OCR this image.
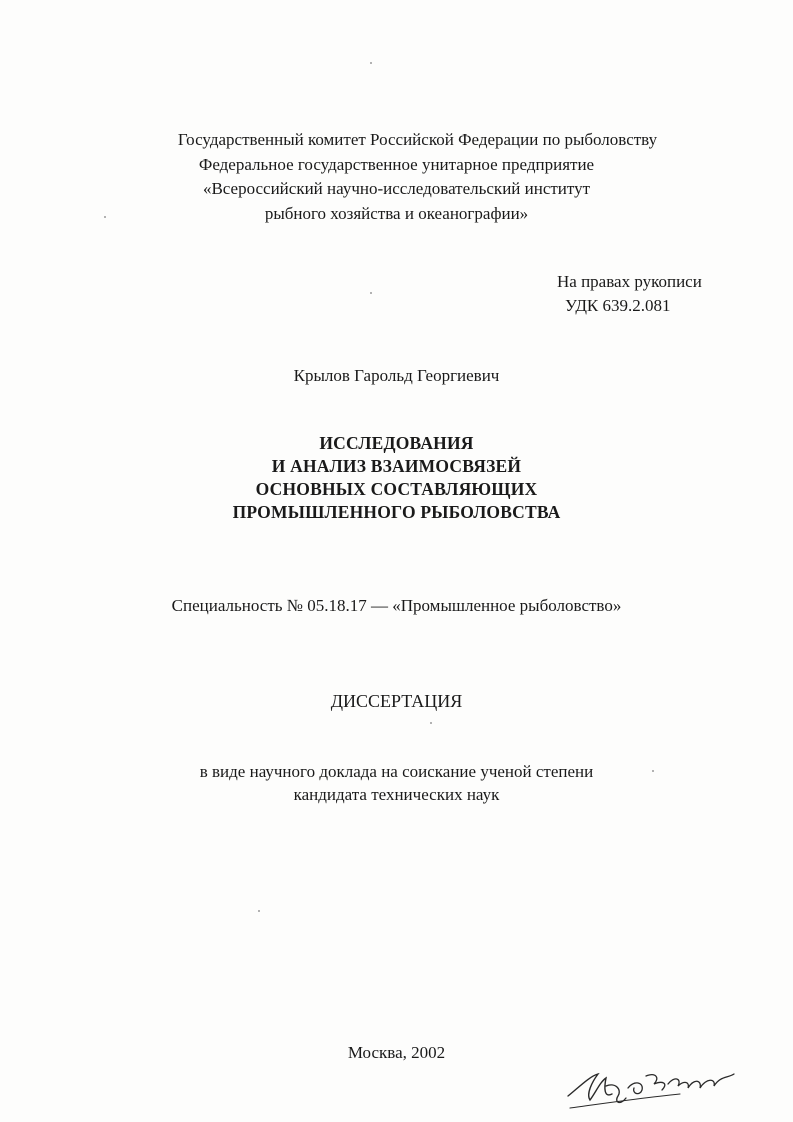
Государственный комитет Российской Федерации по рыболовству
Федеральное государственное унитарное предприятие
«Всероссийский научно-исследовательский институт
рыбного хозяйства и океанографии»
На правах рукописи
УДК 639.2.081
Крылов Гарольд Георгиевич
ИССЛЕДОВАНИЯ
И АНАЛИЗ ВЗАИМОСВЯЗЕЙ
ОСНОВНЫХ СОСТАВЛЯЮЩИХ
ПРОМЫШЛЕННОГО РЫБОЛОВСТВА
Специальность № 05.18.17 — «Промышленное рыболовство»
ДИССЕРТАЦИЯ
в виде научного доклада на соискание ученой степени
кандидата технических наук
Москва, 2002
